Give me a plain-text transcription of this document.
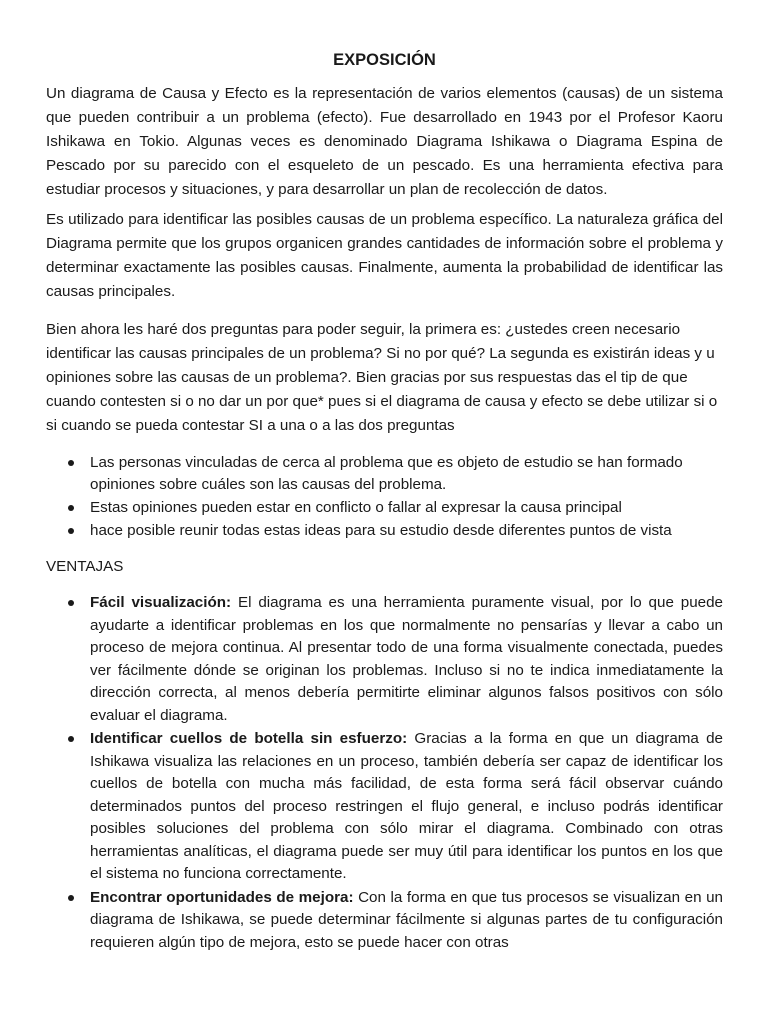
EXPOSICIÓN

Un diagrama de Causa y Efecto es la representación de varios elementos (causas) de un sistema que pueden contribuir a un problema (efecto). Fue desarrollado en 1943 por el Profesor Kaoru Ishikawa en Tokio. Algunas veces es denominado Diagrama Ishikawa o Diagrama Espina de Pescado por su parecido con el esqueleto de un pescado. Es una herramienta efectiva para estudiar procesos y situaciones, y para desarrollar un plan de recolección de datos.

Es utilizado para identificar las posibles causas de un problema específico. La naturaleza gráfica del Diagrama permite que los grupos organicen grandes cantidades de información sobre el problema y determinar exactamente las posibles causas. Finalmente, aumenta la probabilidad de identificar las causas principales.

Bien ahora les haré dos preguntas para poder seguir, la primera es: ¿ustedes creen necesario identificar las causas principales de un problema? Si no por qué? La segunda es existirán ideas y u opiniones sobre las causas de un problema?. Bien gracias por sus respuestas das el tip de que cuando contesten si o no dar un por que* pues si el diagrama de causa y efecto se debe utilizar si o si cuando se pueda contestar SI a una o a las dos preguntas

Las personas vinculadas de cerca al problema que es objeto de estudio se han formado opiniones sobre cuáles son las causas del problema.
Estas opiniones pueden estar en conflicto o fallar al expresar la causa principal
hace posible reunir todas estas ideas para su estudio desde diferentes puntos de vista
VENTAJAS
Fácil visualización: El diagrama es una herramienta puramente visual, por lo que puede ayudarte a identificar problemas en los que normalmente no pensarías y llevar a cabo un proceso de mejora continua. Al presentar todo de una forma visualmente conectada, puedes ver fácilmente dónde se originan los problemas. Incluso si no te indica inmediatamente la dirección correcta, al menos debería permitirte eliminar algunos falsos positivos con sólo evaluar el diagrama.
Identificar cuellos de botella sin esfuerzo: Gracias a la forma en que un diagrama de Ishikawa visualiza las relaciones en un proceso, también debería ser capaz de identificar los cuellos de botella con mucha más facilidad, de esta forma será fácil observar cuándo determinados puntos del proceso restringen el flujo general, e incluso podrás identificar posibles soluciones del problema con sólo mirar el diagrama. Combinado con otras herramientas analíticas, el diagrama puede ser muy útil para identificar los puntos en los que el sistema no funciona correctamente.
Encontrar oportunidades de mejora: Con la forma en que tus procesos se visualizan en un diagrama de Ishikawa, se puede determinar fácilmente si algunas partes de tu configuración requieren algún tipo de mejora, esto se puede hacer con otras
